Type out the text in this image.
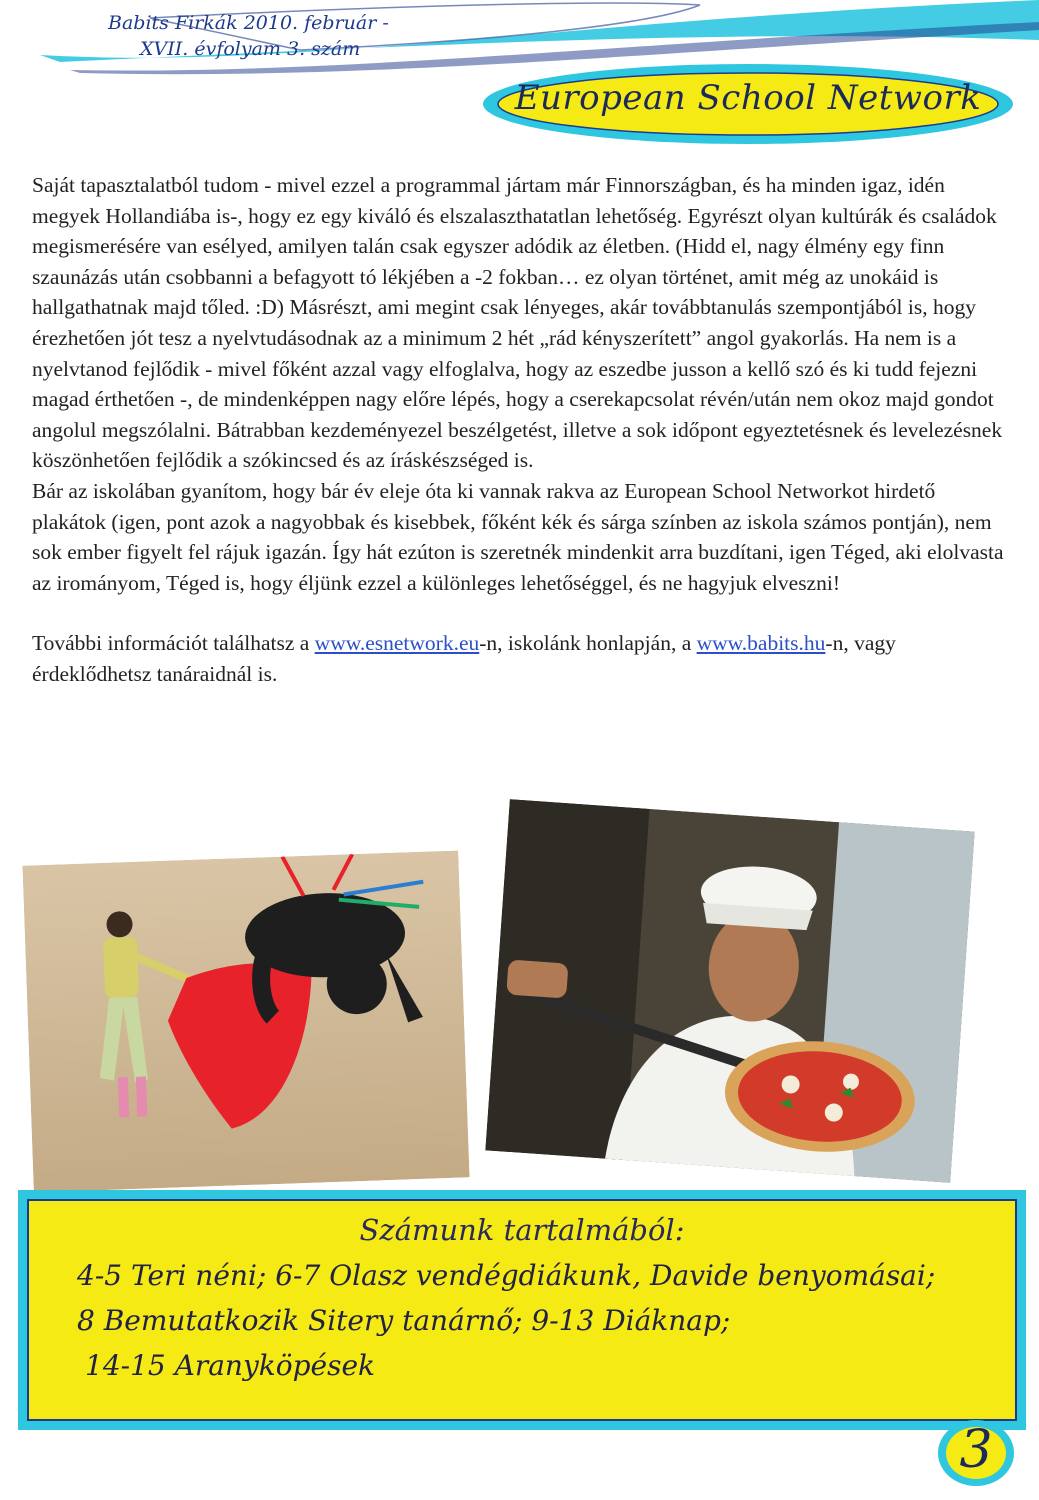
Babits Firkák 2010. február -
XVII. évfolyam 3. szám
European School Network

Saját tapasztalatból tudom - mivel ezzel a programmal jártam már Finnországban, és ha minden igaz, idén megyek Hollandiába is-, hogy ez egy kiváló és elszalaszthatatlan lehetőség. Egyrészt olyan kultúrák és családok megismerésére van esélyed, amilyen talán csak egyszer adódik az életben. (Hidd el, nagy élmény egy finn szaunázás után csobbanni a befagyott tó lékjében a -2 fokban… ez olyan történet, amit még az unokáid is hallgathatnak majd tőled. :D) Másrészt, ami megint csak lényeges, akár továbbtanulás szempontjából is, hogy érezhetően jót tesz a nyelvtudásodnak az a minimum 2 hét „rád kényszerített” angol gyakorlás. Ha nem is a nyelvtanod fejlődik - mivel főként azzal vagy elfoglalva, hogy az eszedbe jusson a kellő szó és ki tudd fejezni magad érthetően -, de mindenképpen nagy előre lépés, hogy a cserekapcsolat révén/után nem okoz majd gondot angolul megszólalni. Bátrabban kezdeményezel beszélgetést, illetve a sok időpont egyeztetésnek és levelezésnek köszönhetően fejlődik a szókincsed és az íráskészséged is.

Bár az iskolában gyanítom, hogy bár év eleje óta ki vannak rakva az European School Networkot hirdető plakátok (igen, pont azok a nagyobbak és kisebbek, főként kék és sárga színben az iskola számos pontján), nem sok ember figyelt fel rájuk igazán. Így hát ezúton is szeretnék mindenkit arra buzdítani, igen Téged, aki elolvasta az irományom, Téged is, hogy éljünk ezzel a különleges lehetőséggel, és ne hagyjuk elveszni!

További információt találhatsz a www.esnetwork.eu-n, iskolánk honlapján, a www.babits.hu-n, vagy érdeklődhetsz tanáraidnál is.

Számunk tartalmából:
4-5 Teri néni; 6-7 Olasz vendégdiákunk, Davide benyomásai;
8 Bemutatkozik Sitery tanárnő; 9-13 Diáknap;
14-15 Aranyköpések
3
